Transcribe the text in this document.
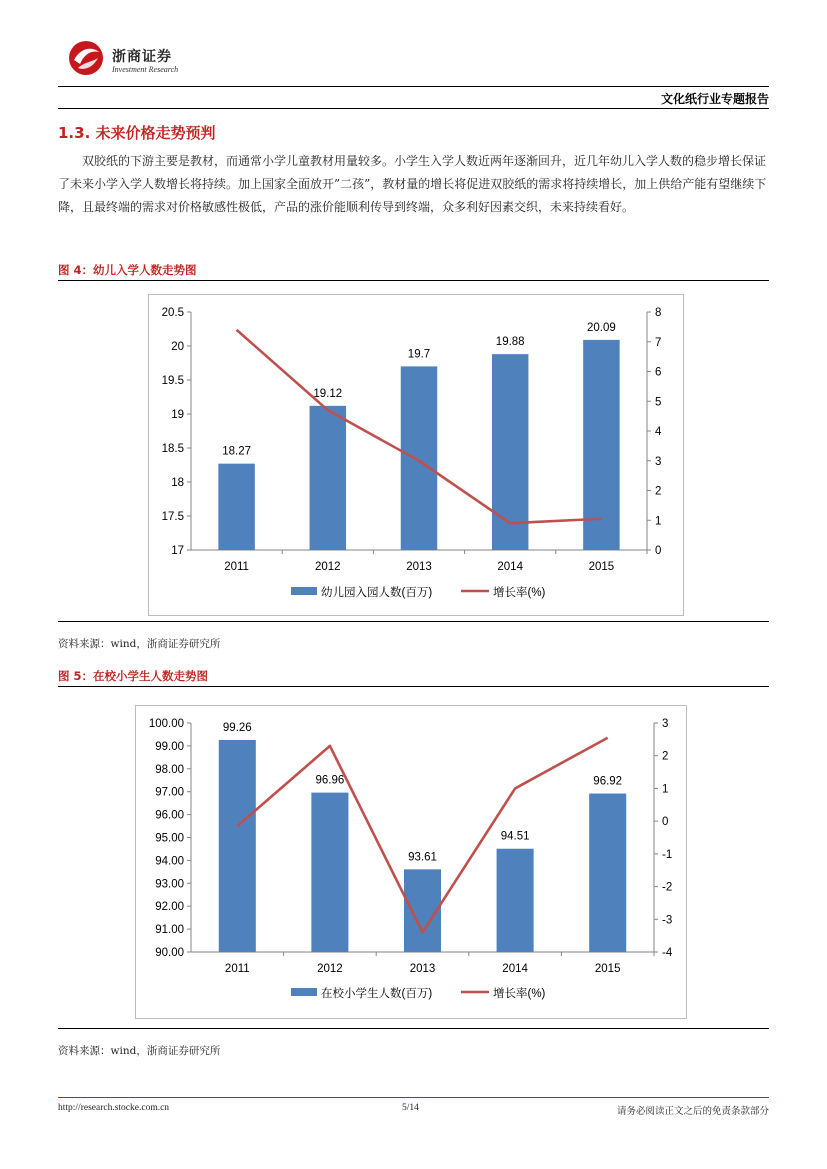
浙商证券
Investment Research
文化纸行业专题报告
1.3. 未来价格走势预判
双胶纸的下游主要是教材，而通常小学儿童教材用量较多。小学生入学人数近两年逐渐回升，近几年幼儿入学人数的稳步增长保证了未来小学入学人数增长将持续。加上国家全面放开”二孩”，教材量的增长将促进双胶纸的需求将持续增长，加上供给产能有望继续下降，且最终端的需求对价格敏感性极低，产品的涨价能顺利传导到终端，众多利好因素交织，未来持续看好。
图 4：幼儿入学人数走势图
17
17.5
18
18.5
19
19.5
20
20.5
0
1
2
3
4
5
6
7
8
2011
18.27
2012
19.12
2013
19.7
2014
19.88
2015
20.09
幼儿园入园人数(百万)	增长率(%)
资料来源：wind，浙商证券研究所
图 5：在校小学生人数走势图
90.00
91.00
92.00
93.00
94.00
95.00
96.00
97.00
98.00
99.00
100.00
-4
-3
-2
-1
0
1
2
3
2011
99.26
2012
96.96
2013
93.61
2014
94.51
2015
96.92
在校小学生人数(百万)	增长率(%)
资料来源：wind，浙商证券研究所
http://research.stocke.com.cn	5/14	请务必阅读正文之后的免责条款部分
